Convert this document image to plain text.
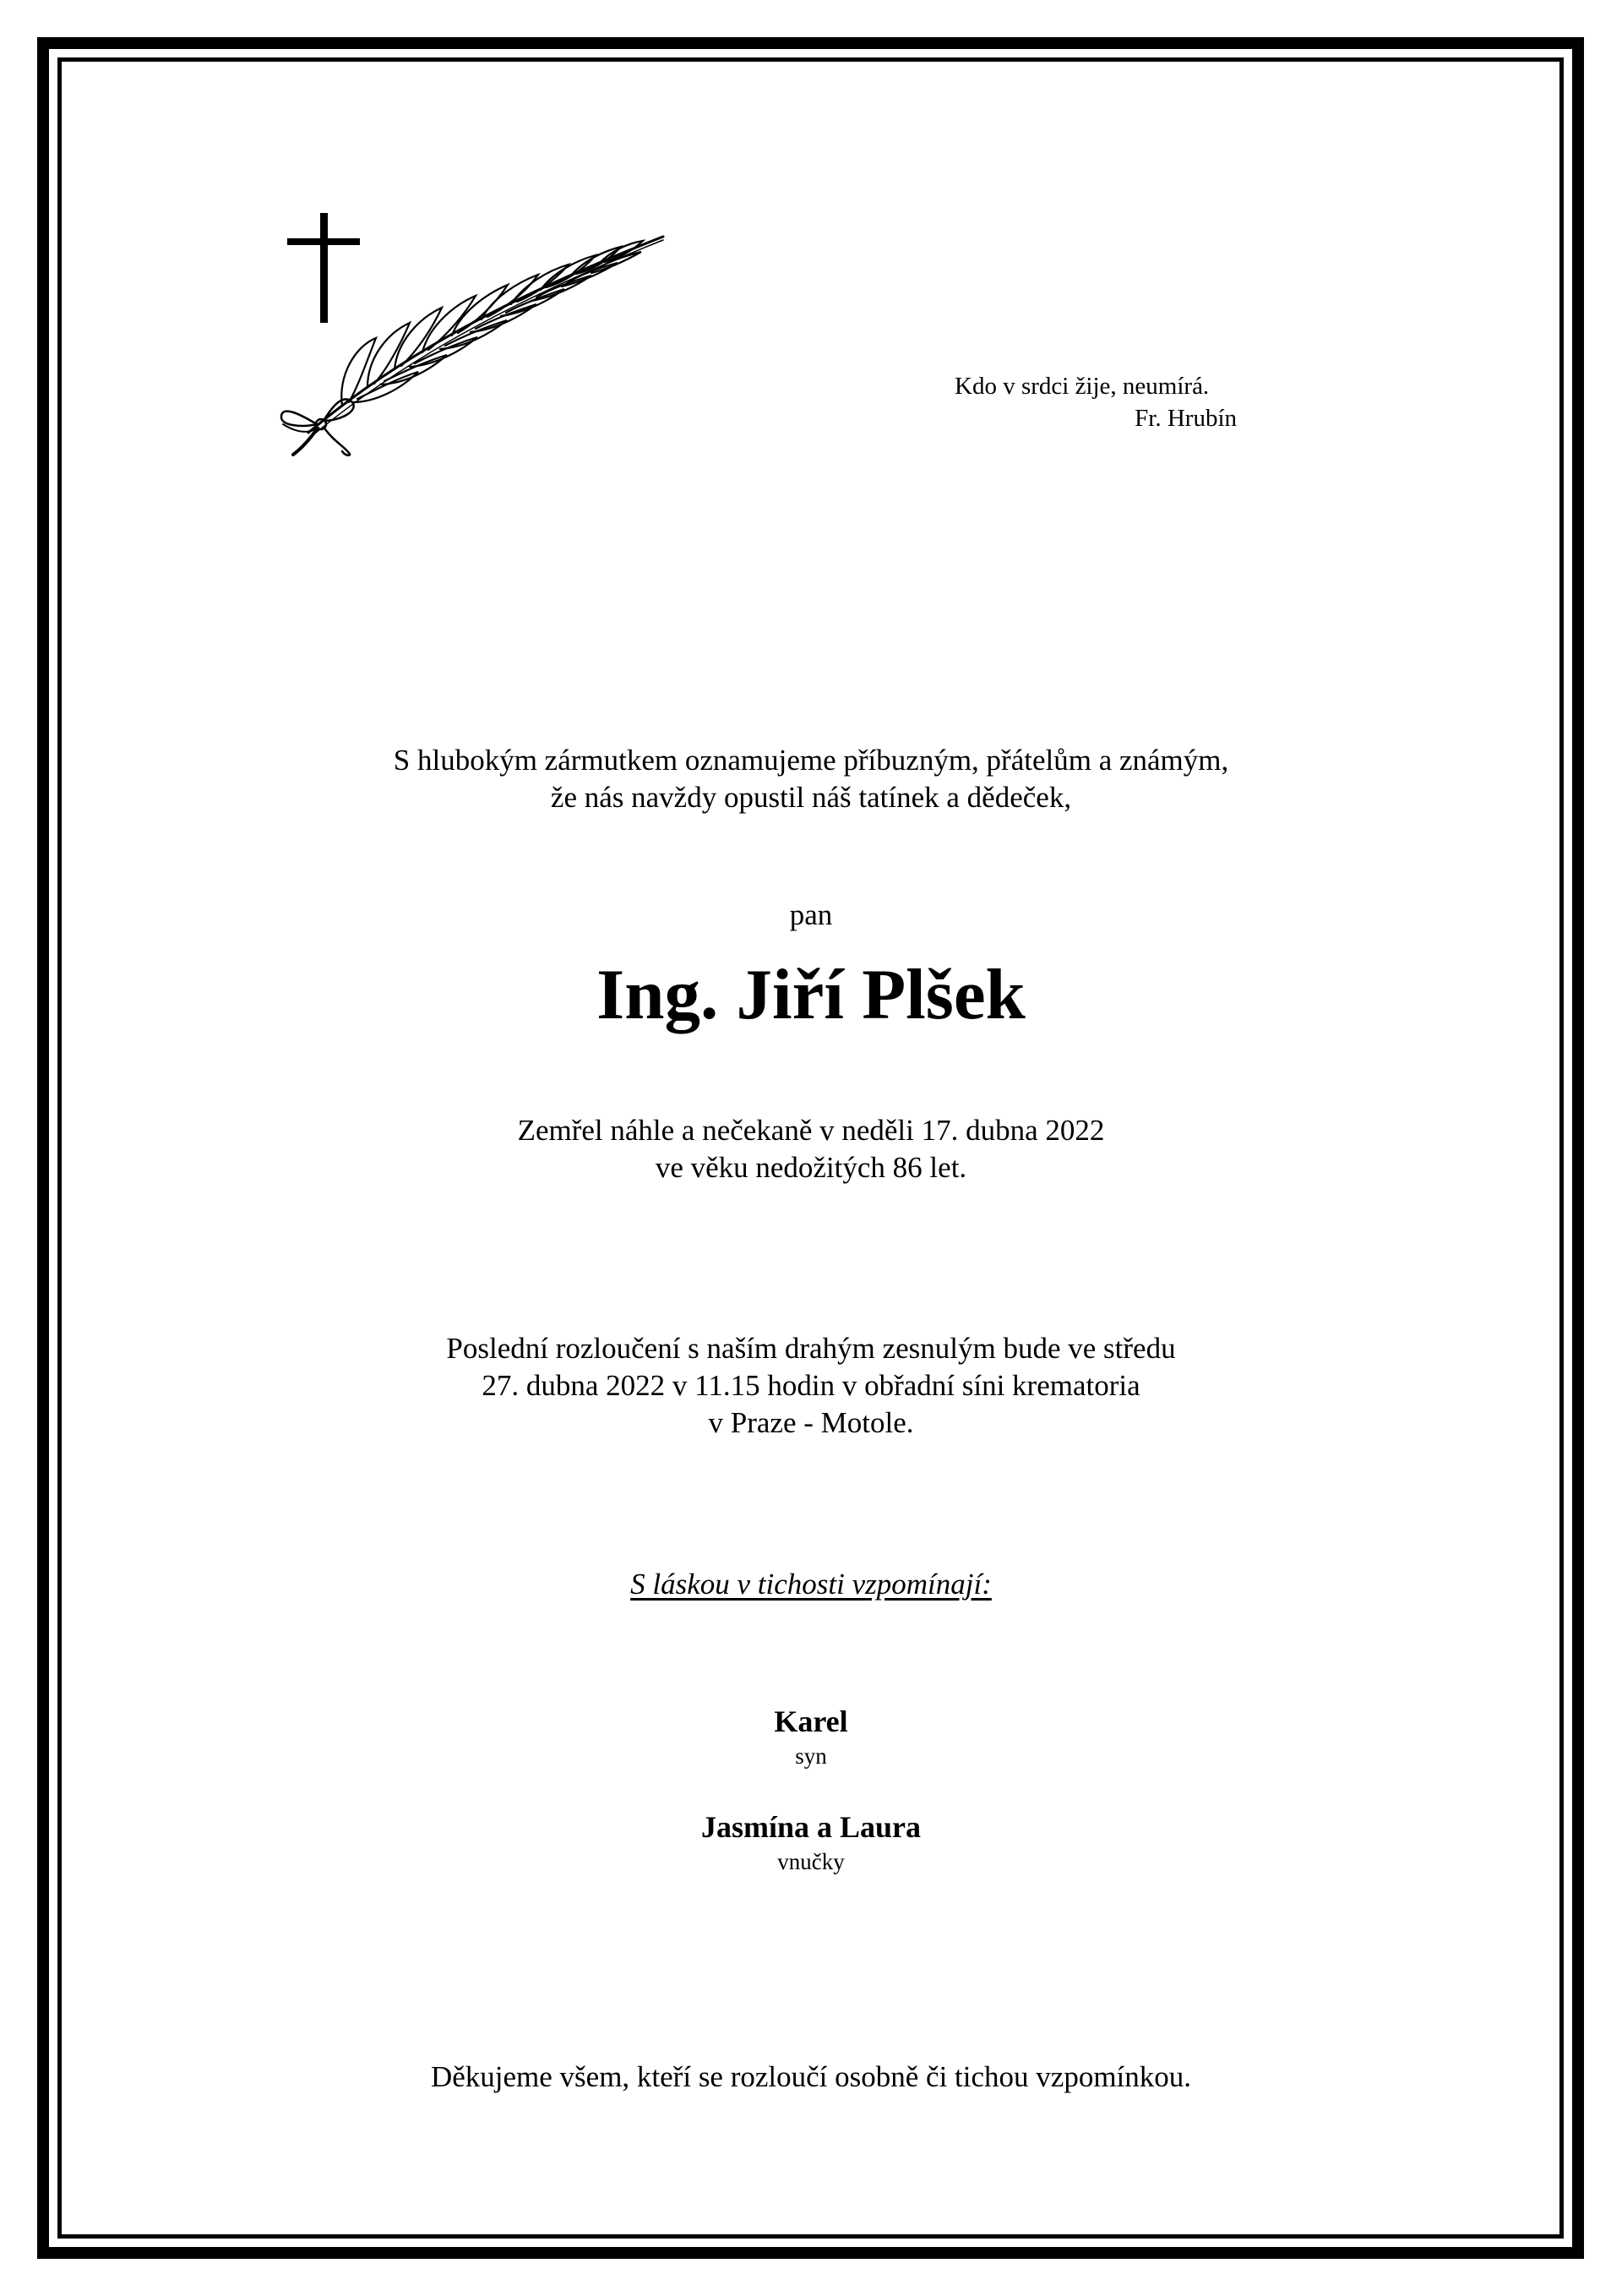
Kdo v srdci žije, neumírá.
Fr. Hrubín
S hlubokým zármutkem oznamujeme příbuzným, přátelům a známým,
že nás navždy opustil náš tatínek a dědeček,
pan
Ing. Jiří Plšek
Zemřel náhle a nečekaně v neděli 17. dubna 2022
ve věku nedožitých 86 let.
Poslední rozloučení s naším drahým zesnulým bude ve středu
27. dubna 2022 v 11.15 hodin v obřadní síni krematoria
v Praze - Motole.
S láskou v tichosti vzpomínají:
Karel
syn
Jasmína a Laura
vnučky
Děkujeme všem, kteří se rozloučí osobně či tichou vzpomínkou.
